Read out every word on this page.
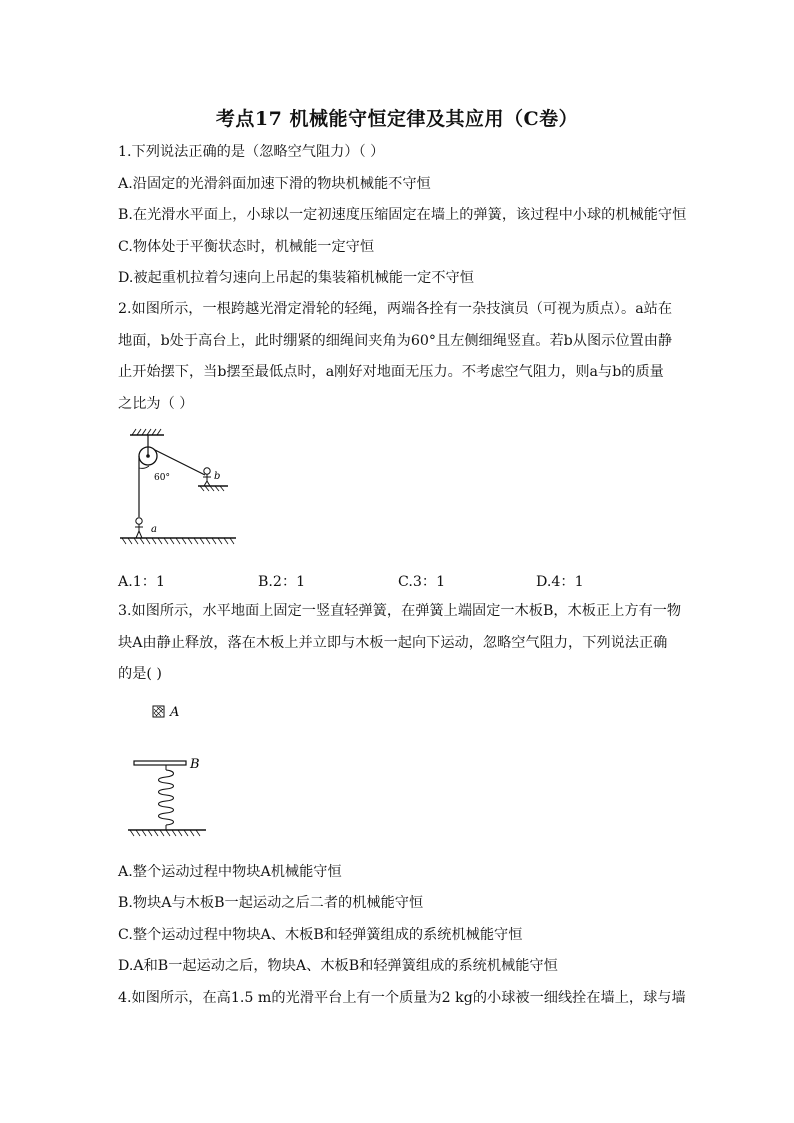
考点17 机械能守恒定律及其应用（C卷）
1.下列说法正确的是（忽略空气阻力）（ ）
A.沿固定的光滑斜面加速下滑的物块机械能不守恒
B.在光滑水平面上，小球以一定初速度压缩固定在墙上的弹簧，该过程中小球的机械能守恒
C.物体处于平衡状态时，机械能一定守恒
D.被起重机拉着匀速向上吊起的集装箱机械能一定不守恒
2.如图所示，一根跨越光滑定滑轮的轻绳，两端各拴有一杂技演员（可视为质点）。a站在
地面，b处于高台上，此时绷紧的细绳间夹角为60°且左侧细绳竖直。若b从图示位置由静
止开始摆下，当b摆至最低点时，a刚好对地面无压力。不考虑空气阻力，则a与b的质量
之比为（ ）
60°	b
a
A.1：1	B.2：1	C.3：1	D.4：1
3.如图所示，水平地面上固定一竖直轻弹簧，在弹簧上端固定一木板B，木板正上方有一物
块A由静止释放，落在木板上并立即与木板一起向下运动，忽略空气阻力，下列说法正确
的是( )
A
B
A.整个运动过程中物块A机械能守恒
B.物块A与木板B一起运动之后二者的机械能守恒
C.整个运动过程中物块A、木板B和轻弹簧组成的系统机械能守恒
D.A和B一起运动之后，物块A、木板B和轻弹簧组成的系统机械能守恒
4.如图所示，在高1.5 m的光滑平台上有一个质量为2 kg的小球被一细线拴在墙上，球与墙
